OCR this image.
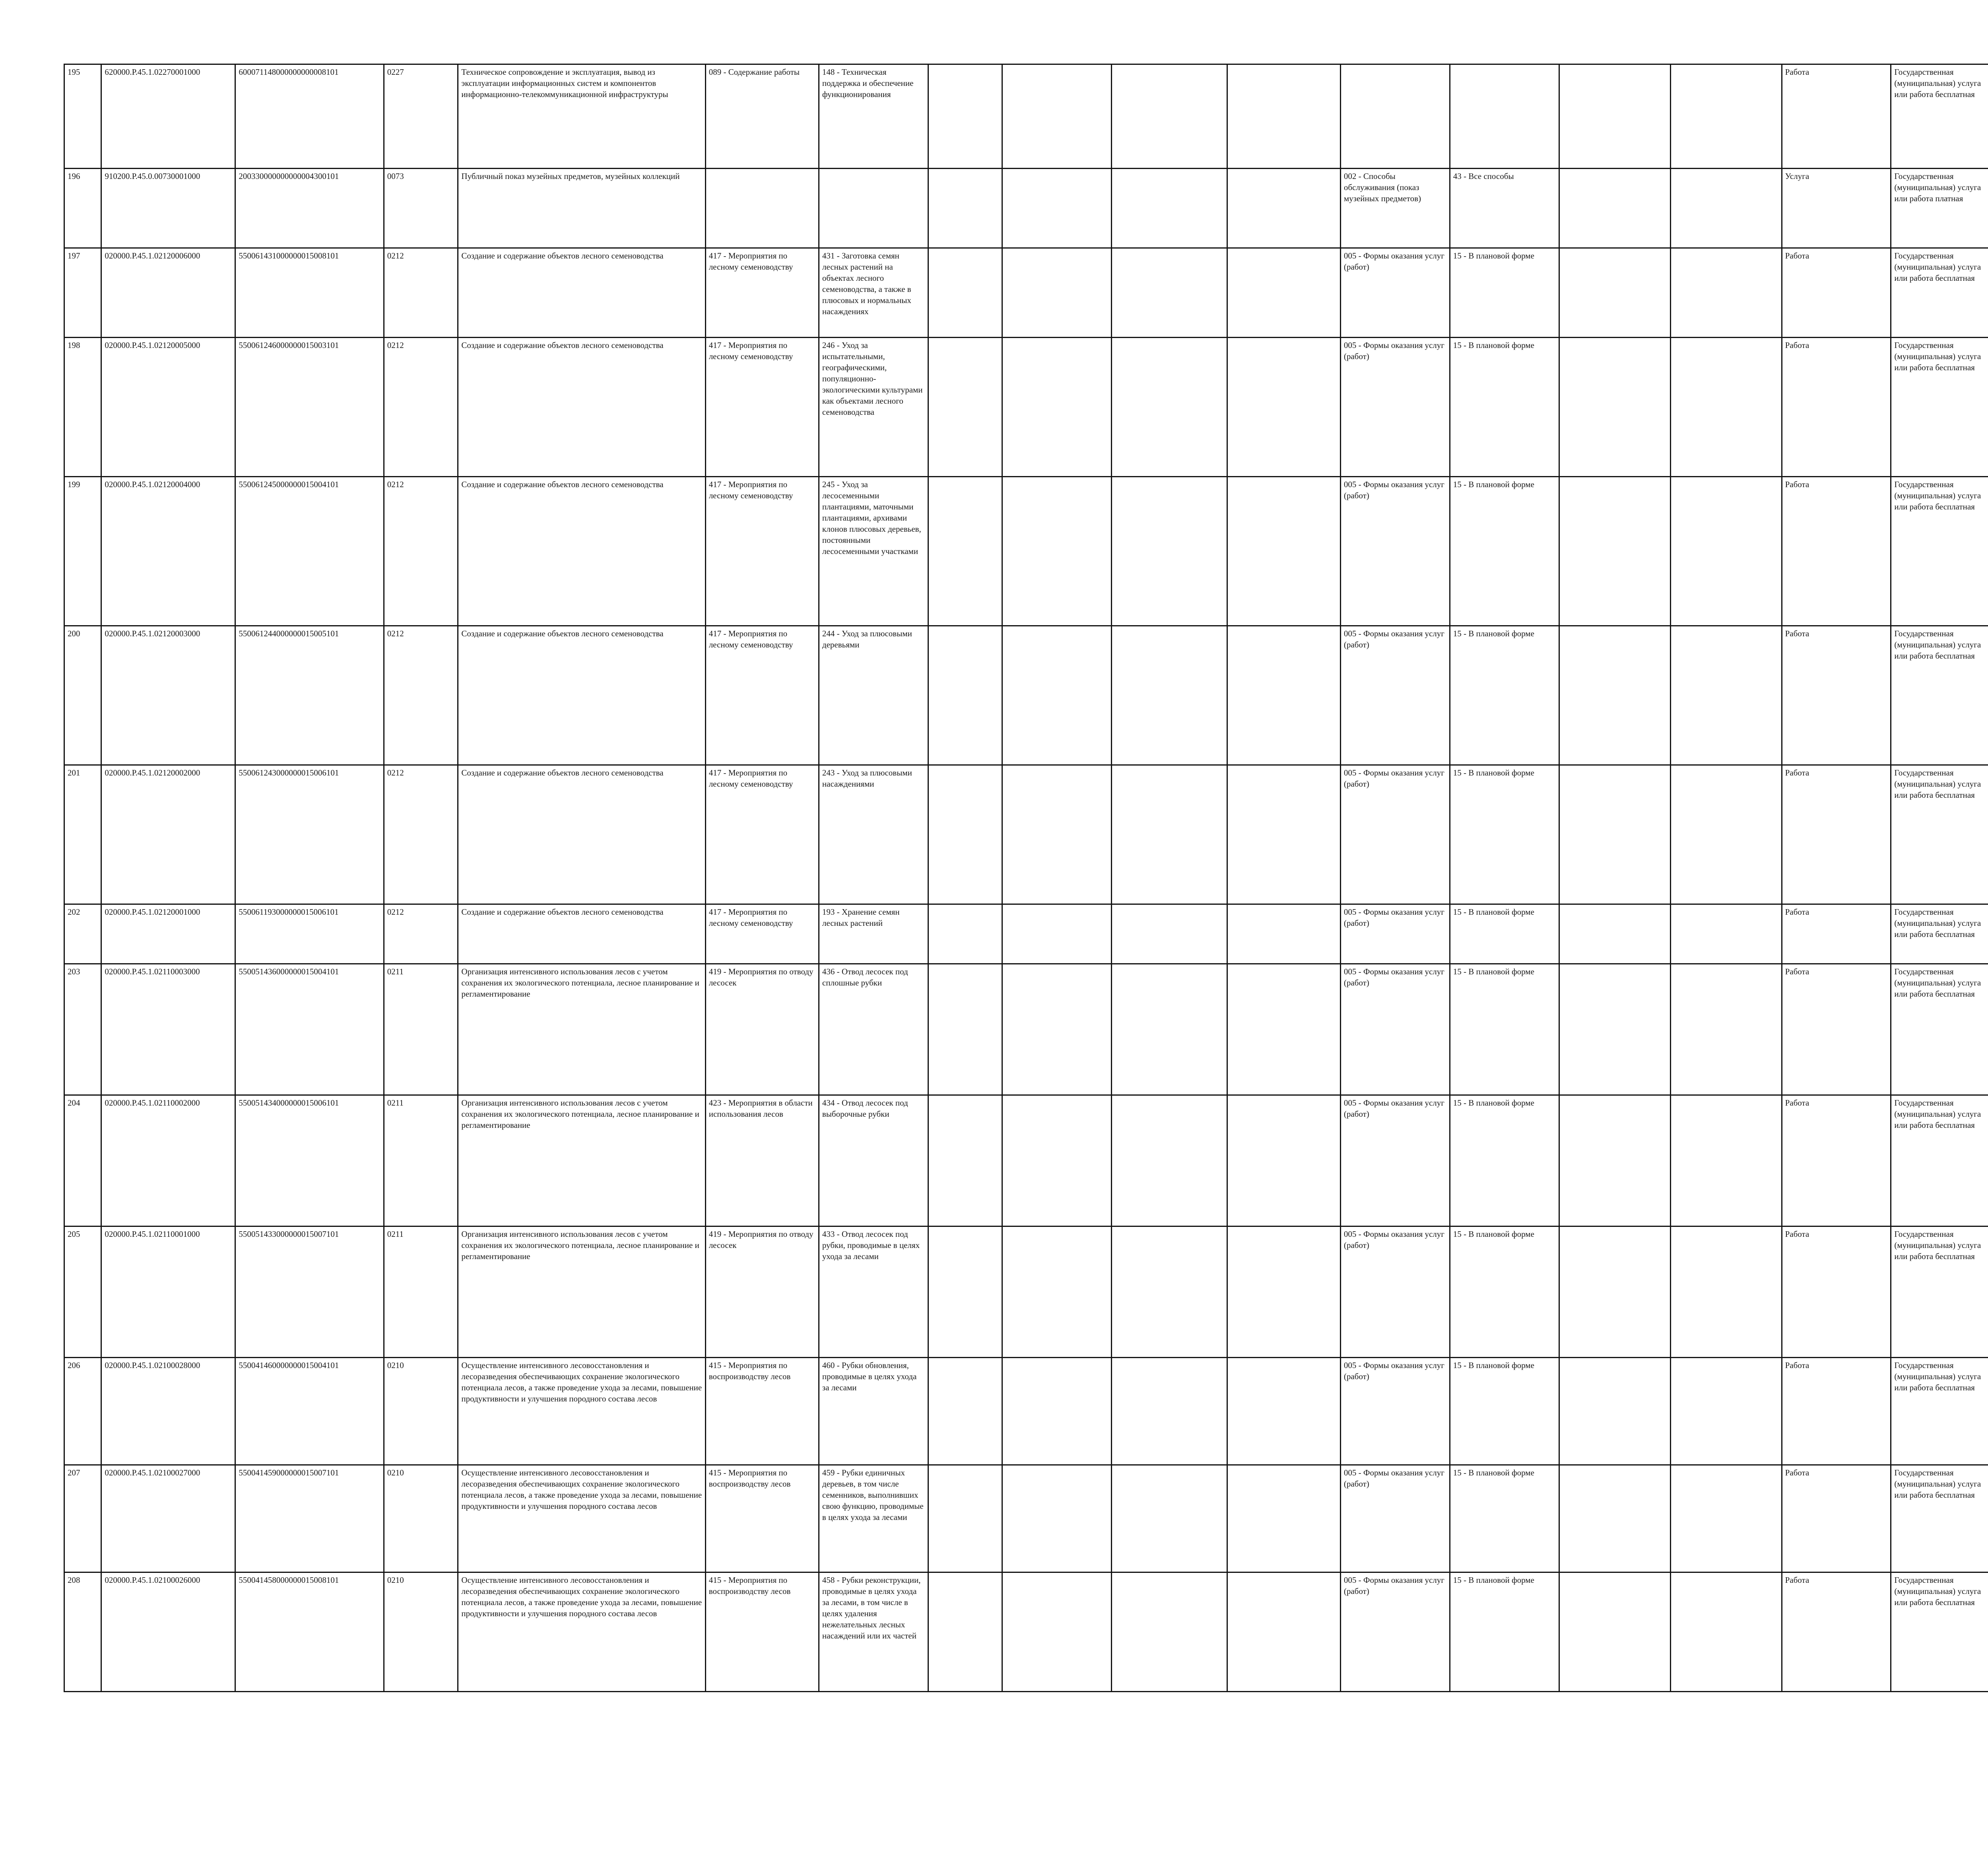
195	620000.Р.45.1.02270001000	600071148000000000008101	0227	Техническое сопровождение и эксплуатация, вывод из эксплуатации информационных систем и компонентов информационно-телекоммуникационной инфраструктуры	089 - Содержание работы	148 - Техническая поддержка и обеспечение функционирования									Работа	Государственная (муниципальная) услуга или работа бесплатная

196	910200.Р.45.0.00730001000	200330000000000004300101	0073	Публичный показ музейных предметов, музейных коллекций							002 - Способы обслуживания (показ музейных предметов)	43 - Все способы			Услуга	Государственная (муниципальная) услуга или работа платная

197	020000.Р.45.1.02120006000	550061431000000015008101	0212	Создание и содержание объектов лесного семеноводства	417 - Мероприятия по лесному семеноводству	431 - Заготовка семян лесных растений на объектах лесного семеноводства, а также в плюсовых и нормальных насаждениях					005 - Формы оказания услуг (работ)	15 - В плановой форме			Работа	Государственная (муниципальная) услуга или работа бесплатная

198	020000.Р.45.1.02120005000	550061246000000015003101	0212	Создание и содержание объектов лесного семеноводства	417 - Мероприятия по лесному семеноводству	246 - Уход за испытательными, географическими, популяционно-экологическими культурами как объектами лесного семеноводства					005 - Формы оказания услуг (работ)	15 - В плановой форме			Работа	Государственная (муниципальная) услуга или работа бесплатная

199	020000.Р.45.1.02120004000	550061245000000015004101	0212	Создание и содержание объектов лесного семеноводства	417 - Мероприятия по лесному семеноводству	245 - Уход за лесосеменными плантациями, маточными плантациями, архивами клонов плюсовых деревьев, постоянными лесосеменными участками					005 - Формы оказания услуг (работ)	15 - В плановой форме			Работа	Государственная (муниципальная) услуга или работа бесплатная

200	020000.Р.45.1.02120003000	550061244000000015005101	0212	Создание и содержание объектов лесного семеноводства	417 - Мероприятия по лесному семеноводству	244 - Уход за плюсовыми деревьями					005 - Формы оказания услуг (работ)	15 - В плановой форме			Работа	Государственная (муниципальная) услуга или работа бесплатная

201	020000.Р.45.1.02120002000	550061243000000015006101	0212	Создание и содержание объектов лесного семеноводства	417 - Мероприятия по лесному семеноводству	243 - Уход за плюсовыми насаждениями					005 - Формы оказания услуг (работ)	15 - В плановой форме			Работа	Государственная (муниципальная) услуга или работа бесплатная

202	020000.Р.45.1.02120001000	550061193000000015006101	0212	Создание и содержание объектов лесного семеноводства	417 - Мероприятия по лесному семеноводству	193 - Хранение семян лесных растений					005 - Формы оказания услуг (работ)	15 - В плановой форме			Работа	Государственная (муниципальная) услуга или работа бесплатная

203	020000.Р.45.1.02110003000	550051436000000015004101	0211	Организация интенсивного использования лесов с учетом сохранения их экологического потенциала, лесное планирование и регламентирование	419 - Мероприятия по отводу лесосек	436 - Отвод лесосек под сплошные рубки					005 - Формы оказания услуг (работ)	15 - В плановой форме			Работа	Государственная (муниципальная) услуга или работа бесплатная

204	020000.Р.45.1.02110002000	550051434000000015006101	0211	Организация интенсивного использования лесов с учетом сохранения их экологического потенциала, лесное планирование и регламентирование	423 - Мероприятия в области использования лесов	434 - Отвод лесосек под выборочные рубки					005 - Формы оказания услуг (работ)	15 - В плановой форме			Работа	Государственная (муниципальная) услуга или работа бесплатная

205	020000.Р.45.1.02110001000	550051433000000015007101	0211	Организация интенсивного использования лесов с учетом сохранения их экологического потенциала, лесное планирование и регламентирование	419 - Мероприятия по отводу лесосек	433 - Отвод лесосек под рубки, проводимые в целях ухода за лесами					005 - Формы оказания услуг (работ)	15 - В плановой форме			Работа	Государственная (муниципальная) услуга или работа бесплатная

206	020000.Р.45.1.02100028000	550041460000000015004101	0210	Осуществление интенсивного лесовосстановления и лесоразведения обеспечивающих сохранение экологического потенциала лесов, а также проведение ухода за лесами, повышение продуктивности и улучшения породного состава лесов	415 - Мероприятия по воспроизводству лесов	460 - Рубки обновления, проводимые в целях ухода за лесами					005 - Формы оказания услуг (работ)	15 - В плановой форме			Работа	Государственная (муниципальная) услуга или работа бесплатная

207	020000.Р.45.1.02100027000	550041459000000015007101	0210	Осуществление интенсивного лесовосстановления и лесоразведения обеспечивающих сохранение экологического потенциала лесов, а также проведение ухода за лесами, повышение продуктивности и улучшения породного состава лесов	415 - Мероприятия по воспроизводству лесов	459 - Рубки единичных деревьев, в том числе семенников, выполнивших свою функцию, проводимые в целях ухода за лесами					005 - Формы оказания услуг (работ)	15 - В плановой форме			Работа	Государственная (муниципальная) услуга или работа бесплатная

208	020000.Р.45.1.02100026000	550041458000000015008101	0210	Осуществление интенсивного лесовосстановления и лесоразведения обеспечивающих сохранение экологического потенциала лесов, а также проведение ухода за лесами, повышение продуктивности и улучшения породного состава лесов	415 - Мероприятия по воспроизводству лесов	458 - Рубки реконструкции, проводимые в целях ухода за лесами, в том числе в целях удаления нежелательных лесных насаждений или их частей					005 - Формы оказания услуг (работ)	15 - В плановой форме			Работа	Государственная (муниципальная) услуга или работа бесплатная
